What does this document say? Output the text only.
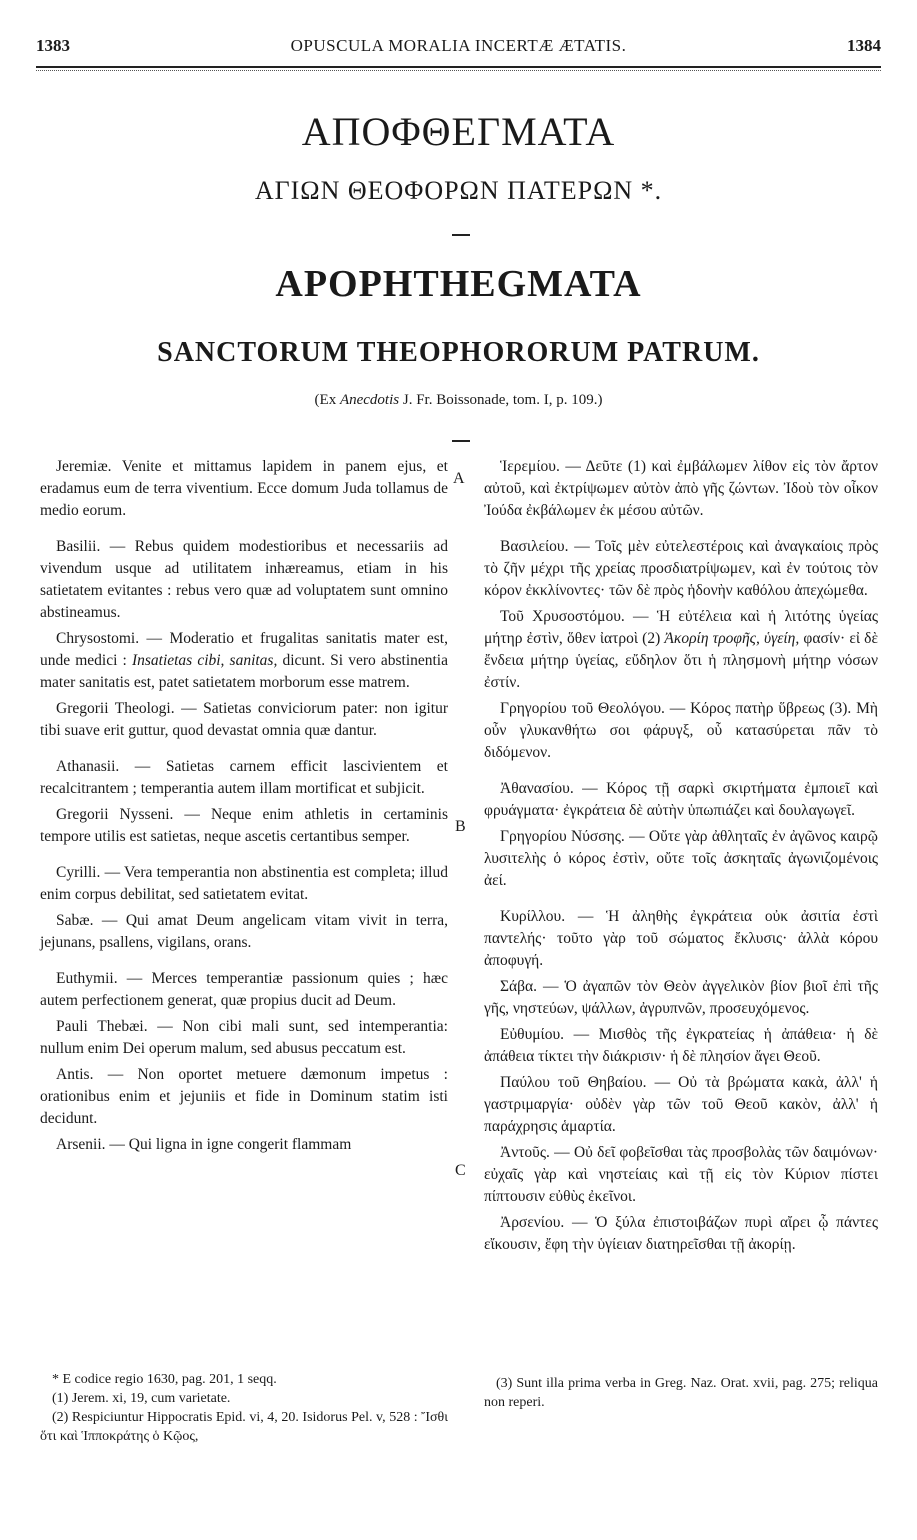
1383	OPUSCULA MORALIA INCERTÆ ÆTATIS.	1384
ΑΠΟΦΘΕΓΜΑΤΑ
ΑΓΙΩΝ ΘΕΟΦΟΡΩΝ ΠΑΤΕΡΩΝ *.
APOPHTHEGMATA
SANCTORUM THEOPHORORUM PATRUM.
(Ex Anecdotis J. Fr. Boissonade, tom. I, p. 109.)

Jeremiæ. Venite et mittamus lapidem in panem ejus, et eradamus eum de terra viventium. Ecce domum Juda tollamus de medio eorum.

Basilii. — Rebus quidem modestioribus et necessariis ad vivendum usque ad utilitatem inhæreamus, etiam in his satietatem evitantes : rebus vero quæ ad voluptatem sunt omnino abstineamus.

Chrysostomi. — Moderatio et frugalitas sanitatis mater est, unde medici : Insatietas cibi, sanitas, dicunt. Si vero abstinentia mater sanitatis est, patet satietatem morborum esse matrem.

Gregorii Theologi. — Satietas conviciorum pater: non igitur tibi suave erit guttur, quod devastat omnia quæ dantur.

Athanasii. — Satietas carnem efficit lascivientem et recalcitrantem ; temperantia autem illam mortificat et subjicit.

Gregorii Nysseni. — Neque enim athletis in certaminis tempore utilis est satietas, neque ascetis certantibus semper.

Cyrilli. — Vera temperantia non abstinentia est completa; illud enim corpus debilitat, sed satietatem evitat.

Sabæ. — Qui amat Deum angelicam vitam vivit in terra, jejunans, psallens, vigilans, orans.

Euthymii. — Merces temperantiæ passionum quies ; hæc autem perfectionem generat, quæ propius ducit ad Deum.

Pauli Thebæi. — Non cibi mali sunt, sed intemperantia: nullum enim Dei operum malum, sed abusus peccatum est.

Antis. — Non oportet metuere dæmonum impetus : orationibus enim et jejuniis et fide in Dominum statim isti decidunt.

Arsenii. — Qui ligna in igne congerit flammam

Ἱερεμίου. — Δεῦτε (1) καὶ ἐμβάλωμεν λίθον εἰς τὸν ἄρτον αὐτοῦ, καὶ ἐκτρίψωμεν αὐτὸν ἀπὸ γῆς ζώντων. Ἰδοὺ τὸν οἶκον Ἰούδα ἐκβάλωμεν ἐκ μέσου αὐτῶν.

Βασιλείου. — Τοῖς μὲν εὐτελεστέροις καὶ ἀναγκαίοις πρὸς τὸ ζῆν μέχρι τῆς χρείας προσδιατρίψωμεν, καὶ ἐν τούτοις τὸν κόρον ἐκκλίνοντες· τῶν δὲ πρὸς ἡδονὴν καθόλου ἀπεχώμεθα.

Τοῦ Χρυσοστόμου. — Ἡ εὐτέλεια καὶ ἡ λιτότης ὑγείας μήτηρ ἐστὶν, ὅθεν ἰατροὶ (2) Ἀκορίη τροφῆς, ὑγείη, φασίν· εἰ δὲ ἔνδεια μήτηρ ὑγείας, εὔδηλον ὅτι ἡ πλησμονὴ μήτηρ νόσων ἐστίν.

Γρηγορίου τοῦ Θεολόγου. — Κόρος πατὴρ ὕβρεως (3). Μὴ οὖν γλυκανθήτω σοι φάρυγξ, οὗ κατασύρεται πᾶν τὸ διδόμενον.

Ἀθανασίου. — Κόρος τῇ σαρκὶ σκιρτήματα ἐμποιεῖ καὶ φρυάγματα· ἐγκράτεια δὲ αὐτὴν ὑπωπιάζει καὶ δουλαγωγεῖ.

Γρηγορίου Νύσσης. — Οὔτε γὰρ ἀθληταῖς ἐν ἀγῶνος καιρῷ λυσιτελὴς ὁ κόρος ἐστὶν, οὔτε τοῖς ἀσκηταῖς ἀγωνιζομένοις ἀεί.

Κυρίλλου. — Ἡ ἀληθὴς ἐγκράτεια οὐκ ἀσιτία ἐστὶ παντελής· τοῦτο γὰρ τοῦ σώματος ἔκλυσις· ἀλλὰ κόρου ἀποφυγή.

Σάβα. — Ὁ ἀγαπῶν τὸν Θεὸν ἀγγελικὸν βίον βιοῖ ἐπὶ τῆς γῆς, νηστεύων, ψάλλων, ἀγρυπνῶν, προσευχόμενος.

Εὐθυμίου. — Μισθὸς τῆς ἐγκρατείας ἡ ἀπάθεια· ἡ δὲ ἀπάθεια τίκτει τὴν διάκρισιν· ἡ δὲ πλησίον ἄγει Θεοῦ.

Παύλου τοῦ Θηβαίου. — Οὐ τὰ βρώματα κακὰ, ἀλλ' ἡ γαστριμαργία· οὐδὲν γὰρ τῶν τοῦ Θεοῦ κακὸν, ἀλλ' ἡ παράχρησις ἁμαρτία.

Ἀντοῦς. — Οὐ δεῖ φοβεῖσθαι τὰς προσβολὰς τῶν δαιμόνων· εὐχαῖς γὰρ καὶ νηστείαις καὶ τῇ εἰς τὸν Κύριον πίστει πίπτουσιν εὐθὺς ἐκεῖνοι.

Ἀρσενίου. — Ὁ ξύλα ἐπιστοιβάζων πυρὶ αἴρει ᾧ πάντες εἴκουσιν, ἔφη τὴν ὑγίειαν διατηρεῖσθαι τῇ ἀκορίῃ.

A
B
C

* E codice regio 1630, pag. 201, 1 seqq.

(1) Jerem. xi, 19, cum varietate.

(2) Respiciuntur Hippocratis Epid. vi, 4, 20. Isidorus Pel. v, 528 : Ἴσθι ὅτι καὶ Ἱπποκράτης ὁ Κῷος,

(3) Sunt illa prima verba in Greg. Naz. Orat. xvii, pag. 275; reliqua non reperi.
